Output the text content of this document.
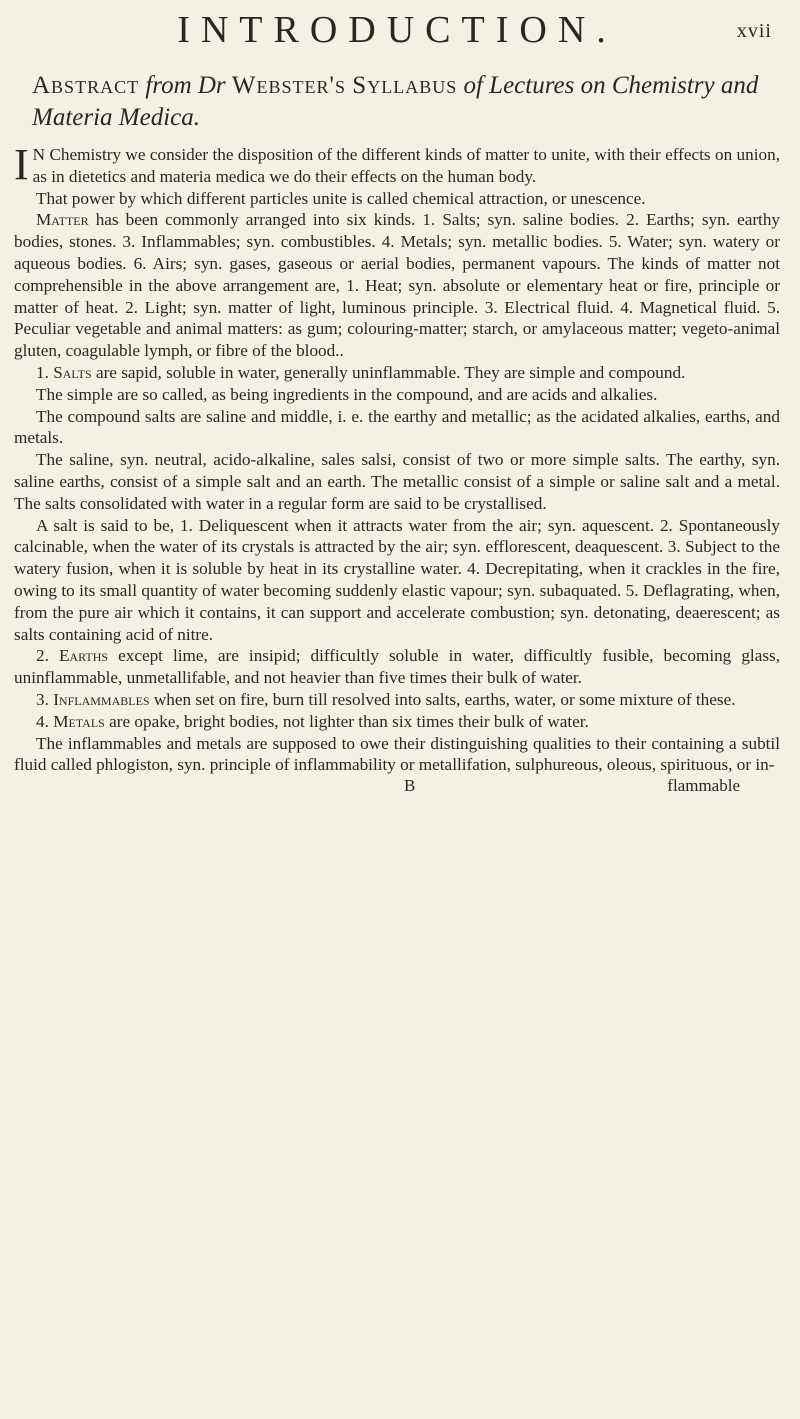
INTRODUCTION.	xvii
Abstract from Dr Webster's Syllabus of Lectures on Chemistry and Materia Medica.

I N Chemistry we consider the disposition of the different kinds of matter to unite, with their effects on union, as in dietetics and materia medica we do their effects on the human body.

That power by which different particles unite is called chemical attraction, or unescence.

Matter has been commonly arranged into six kinds. 1. Salts; syn. saline bodies. 2. Earths; syn. earthy bodies, stones. 3. Inflammables; syn. combustibles. 4. Metals; syn. metallic bodies. 5. Water; syn. watery or aqueous bodies. 6. Airs; syn. gases, gaseous or aerial bodies, permanent vapours. The kinds of matter not comprehensible in the above arrangement are, 1. Heat; syn. absolute or elementary heat or fire, principle or matter of heat. 2. Light; syn. matter of light, luminous principle. 3. Electrical fluid. 4. Magnetical fluid. 5. Peculiar vegetable and animal matters: as gum; colouring-matter; starch, or amylaceous matter; vegeto-animal gluten, coagulable lymph, or fibre of the blood..

1. Salts are sapid, soluble in water, generally uninflammable. They are simple and compound.

The simple are so called, as being ingredients in the compound, and are acids and alkalies.

The compound salts are saline and middle, i. e. the earthy and metallic; as the acidated alkalies, earths, and metals.

The saline, syn. neutral, acido-alkaline, sales salsi, consist of two or more simple salts. The earthy, syn. saline earths, consist of a simple salt and an earth. The metallic consist of a simple or saline salt and a metal. The salts consolidated with water in a regular form are said to be crystallised.

A salt is said to be, 1. Deliquescent when it attracts water from the air; syn. aquescent. 2. Spontaneously calcinable, when the water of its crystals is attracted by the air; syn. efflorescent, deaquescent. 3. Subject to the watery fusion, when it is soluble by heat in its crystalline water. 4. Decrepitating, when it crackles in the fire, owing to its small quantity of water becoming suddenly elastic vapour; syn. subaquated. 5. Deflagrating, when, from the pure air which it contains, it can support and accelerate combustion; syn. detonating, deaerescent; as salts containing acid of nitre.

2. Earths except lime, are insipid; difficultly soluble in water, difficultly fusible, becoming glass, uninflammable, unmetallifable, and not heavier than five times their bulk of water.

3. Inflammables when set on fire, burn till resolved into salts, earths, water, or some mixture of these.

4. Metals are opake, bright bodies, not lighter than six times their bulk of water.

The inflammables and metals are supposed to owe their distinguishing qualities to their containing a subtil fluid called phlogiston, syn. principle of inflammability or metallifation, sulphureous, oleous, spirituous, or in-

B	flammable
